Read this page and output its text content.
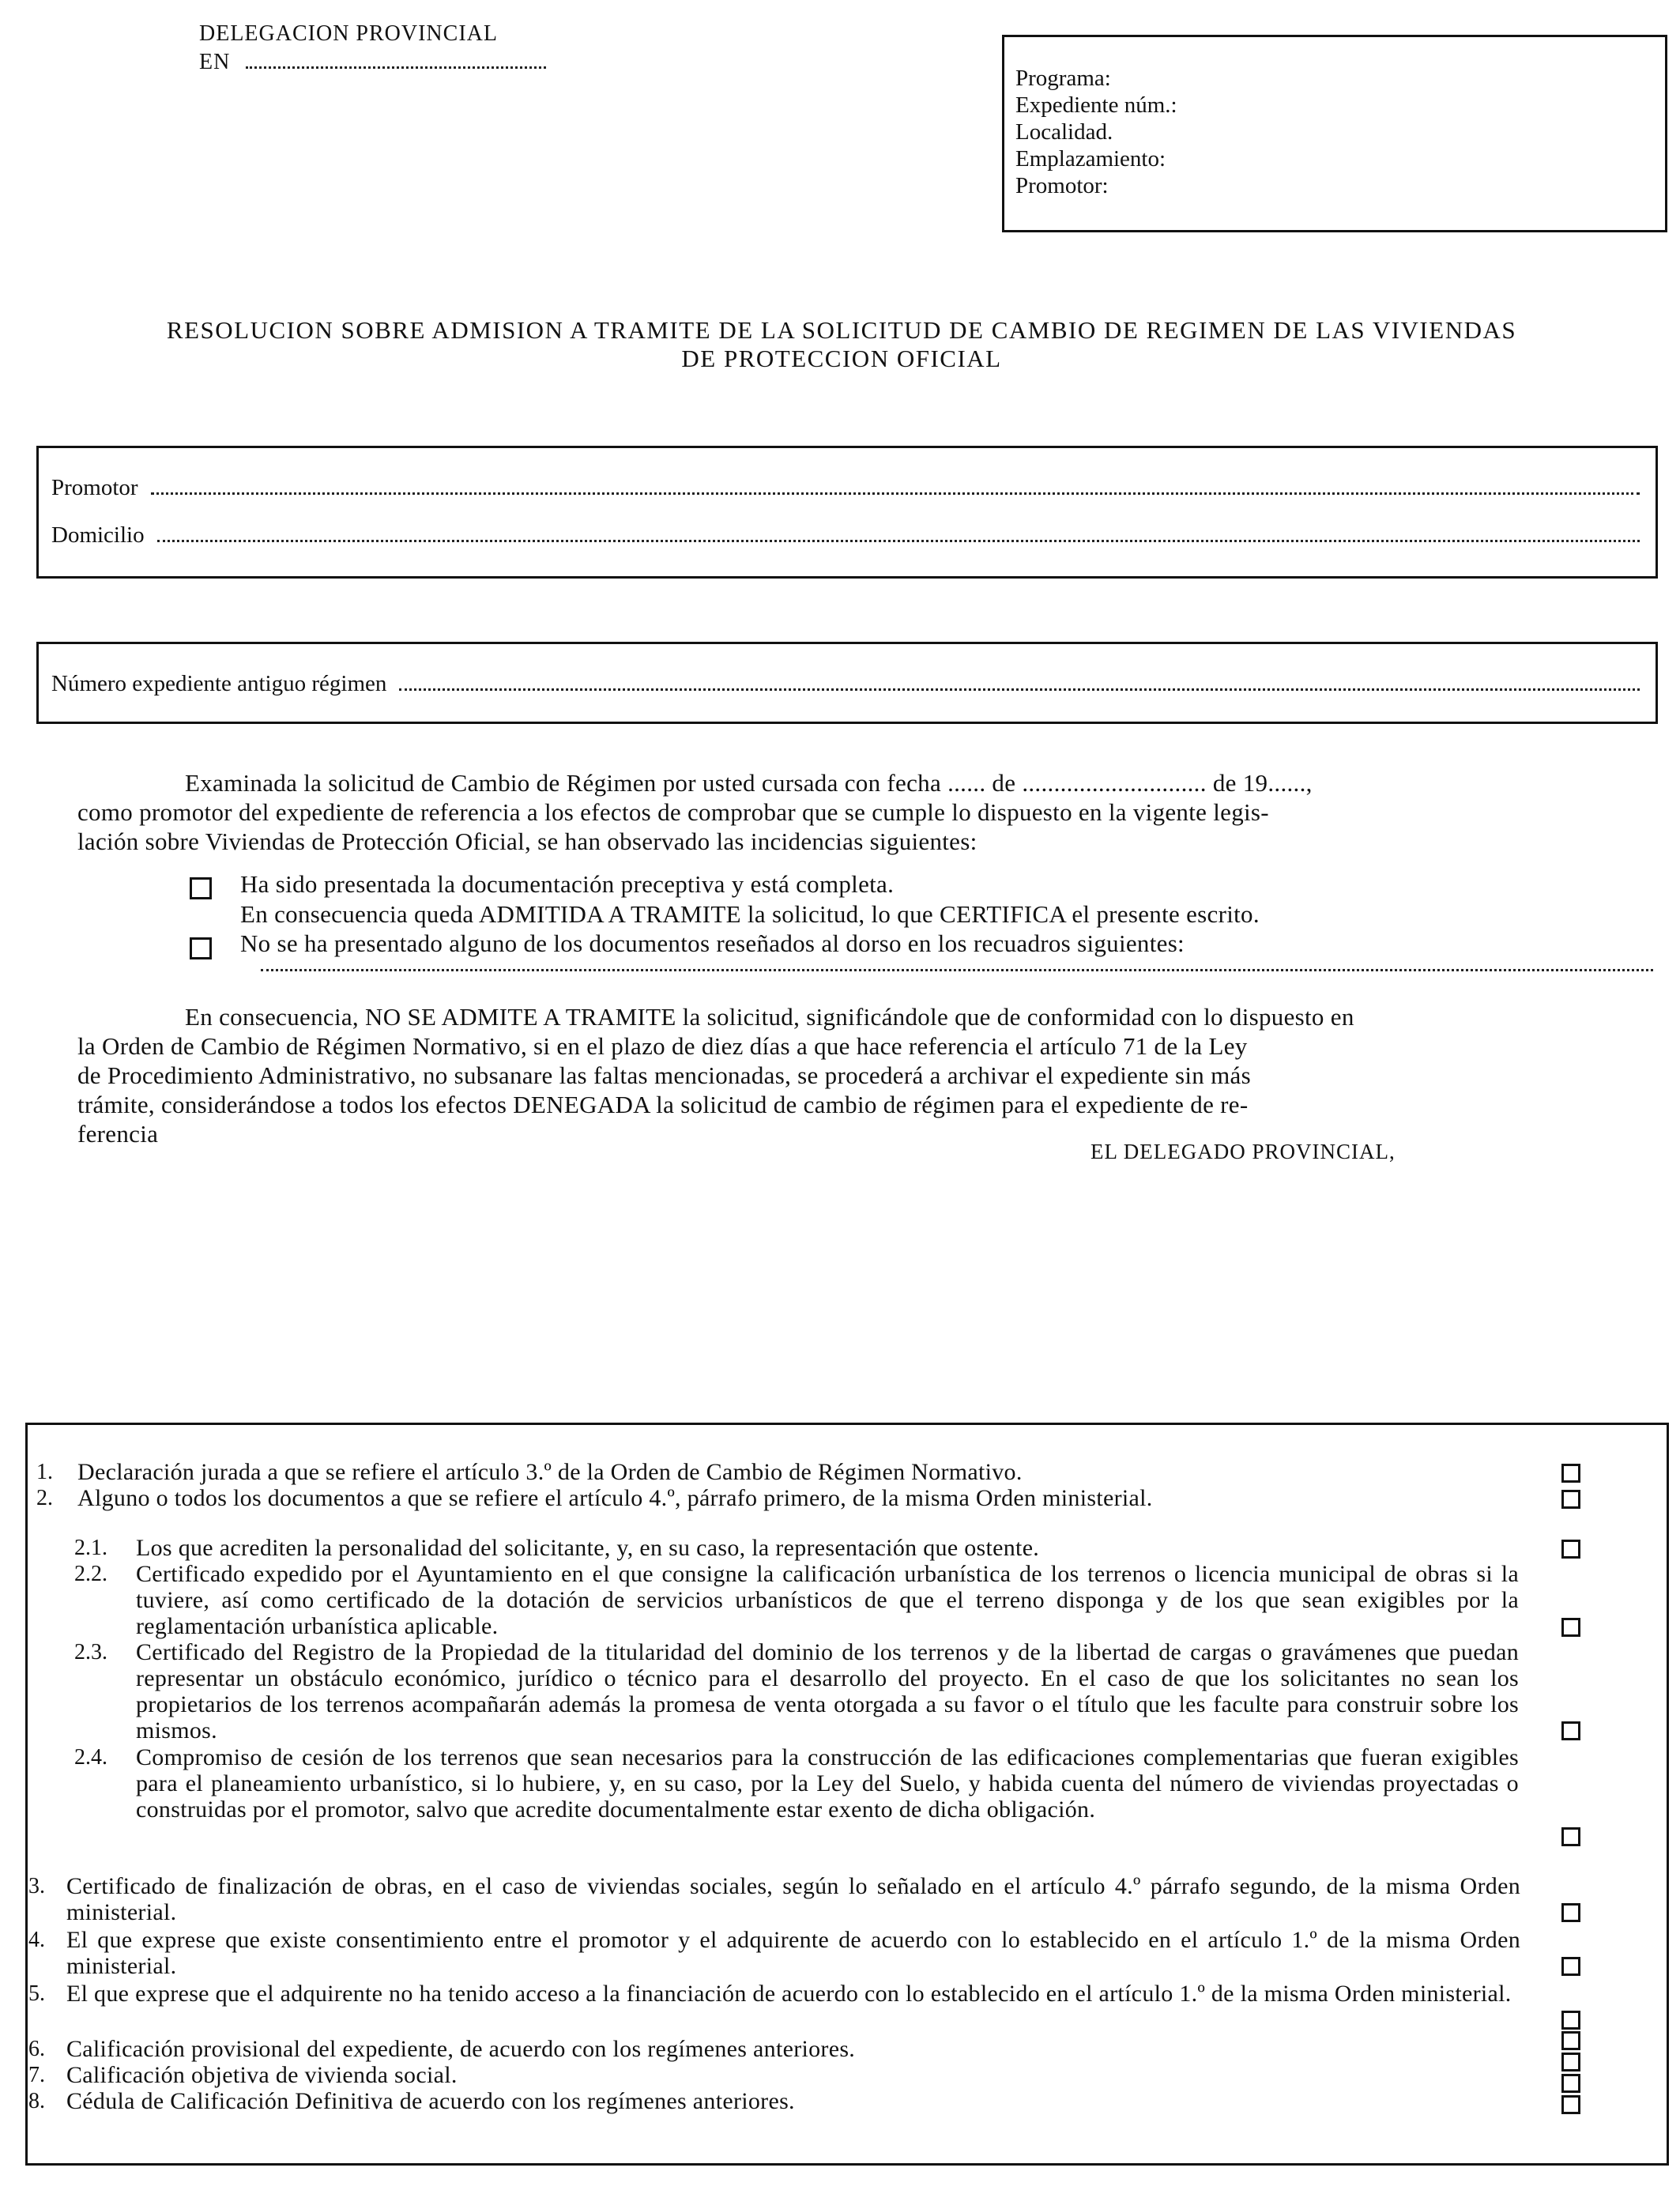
DELEGACION PROVINCIAL
EN
Programa:
Expediente núm.:
Localidad.
Emplazamiento:
Promotor:
RESOLUCION SOBRE ADMISION A TRAMITE DE LA SOLICITUD DE CAMBIO DE REGIMEN DE LAS VIVIENDAS
DE PROTECCION OFICIAL
Promotor
Domicilio
Número expediente antiguo régimen
Examinada la solicitud de Cambio de Régimen por usted cursada con fecha ...... de ............................. de 19......,
como promotor del expediente de referencia a los efectos de comprobar que se cumple lo dispuesto en la vigente legis-
lación sobre Viviendas de Protección Oficial, se han observado las incidencias siguientes:
Ha sido presentada la documentación preceptiva y está completa.
En consecuencia queda ADMITIDA A TRAMITE la solicitud, lo que CERTIFICA el presente escrito.
No se ha presentado alguno de los documentos reseñados al dorso en los recuadros siguientes:
En consecuencia, NO SE ADMITE A TRAMITE la solicitud, significándole que de conformidad con lo dispuesto en
la Orden de Cambio de Régimen Normativo, si en el plazo de diez días a que hace referencia el artículo 71 de la Ley
de Procedimiento Administrativo, no subsanare las faltas mencionadas, se procederá a archivar el expediente sin más
trámite, considerándose a todos los efectos DENEGADA la solicitud de cambio de régimen para el expediente de re-
ferencia
EL DELEGADO PROVINCIAL,
1. Declaración jurada a que se refiere el artículo 3.º de la Orden de Cambio de Régimen Normativo.
2. Alguno o todos los documentos a que se refiere el artículo 4.º, párrafo primero, de la misma Orden ministerial.
2.1. Los que acrediten la personalidad del solicitante, y, en su caso, la representación que ostente.
2.2. Certificado expedido por el Ayuntamiento en el que consigne la calificación urbanística de los terrenos o licencia municipal de obras si la tuviere, así como certificado de la dotación de servicios urbanísticos de que el terreno disponga y de los que sean exigibles por la reglamentación urbanística aplicable.
2.3. Certificado del Registro de la Propiedad de la titularidad del dominio de los terrenos y de la libertad de cargas o gravámenes que puedan representar un obstáculo económico, jurídico o técnico para el desarrollo del proyecto. En el caso de que los solicitantes no sean los propietarios de los terrenos acompañarán además la promesa de venta otorgada a su favor o el título que les faculte para construir sobre los mismos.
2.4. Compromiso de cesión de los terrenos que sean necesarios para la construcción de las edificaciones complementarias que fueran exigibles para el planeamiento urbanístico, si lo hubiere, y, en su caso, por la Ley del Suelo, y habida cuenta del número de viviendas proyectadas o construidas por el promotor, salvo que acredite documentalmente estar exento de dicha obligación.
3. Certificado de finalización de obras, en el caso de viviendas sociales, según lo señalado en el artículo 4.º párrafo segundo, de la misma Orden ministerial.
4. El que exprese que existe consentimiento entre el promotor y el adquirente de acuerdo con lo establecido en el artículo 1.º de la misma Orden ministerial.
5. El que exprese que el adquirente no ha tenido acceso a la financiación de acuerdo con lo establecido en el artículo 1.º de la misma Orden ministerial.
6. Calificación provisional del expediente, de acuerdo con los regímenes anteriores.
7. Calificación objetiva de vivienda social.
8. Cédula de Calificación Definitiva de acuerdo con los regímenes anteriores.
